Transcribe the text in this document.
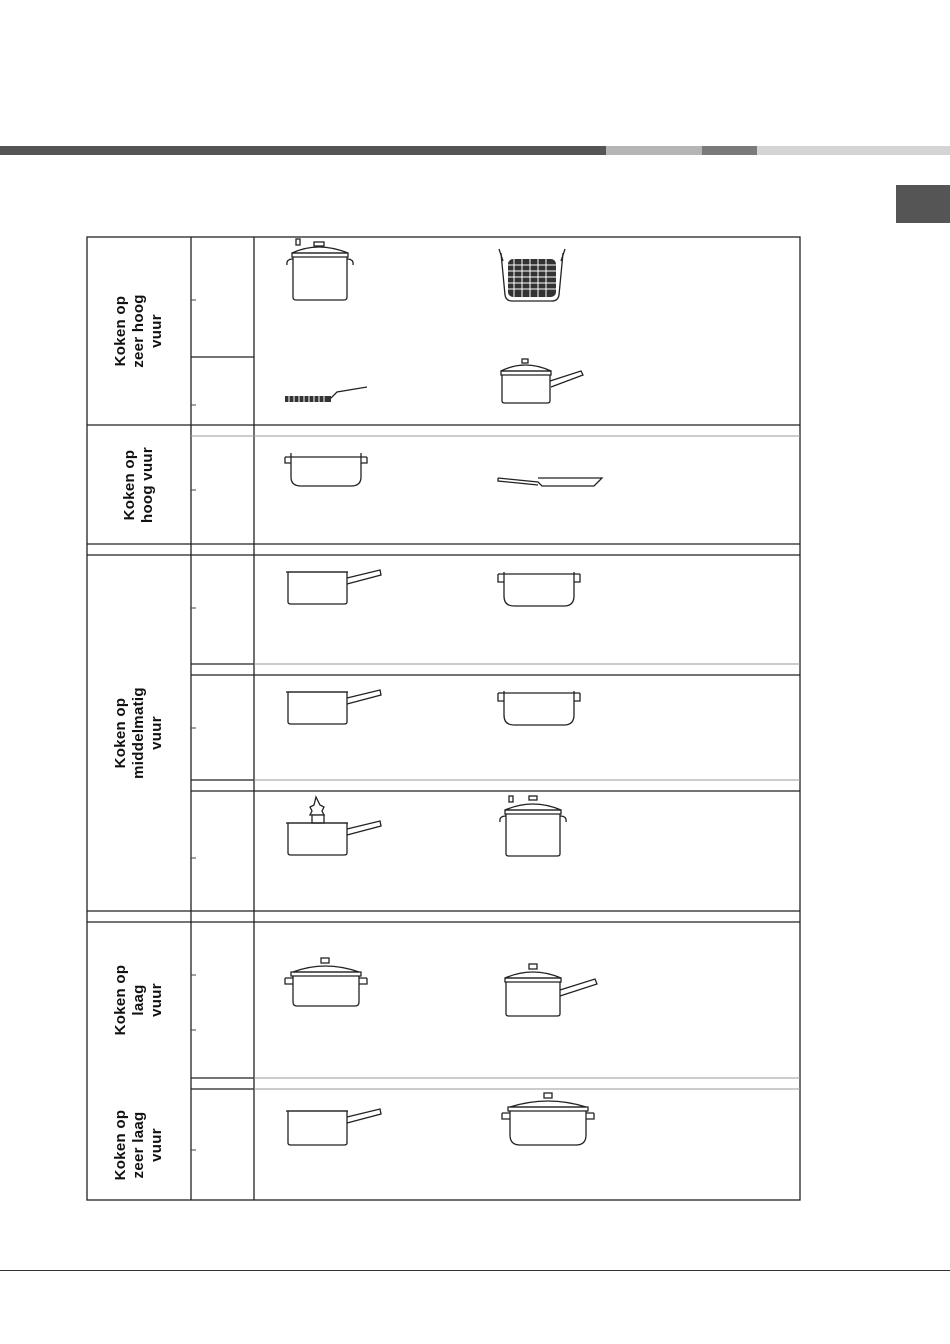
Koken op zeer hoog
vuur
Koken op
hoog vuur
Koken op middelmatig vuur
Koken op laag
vuur
Koken op
zeer laag
vuur
